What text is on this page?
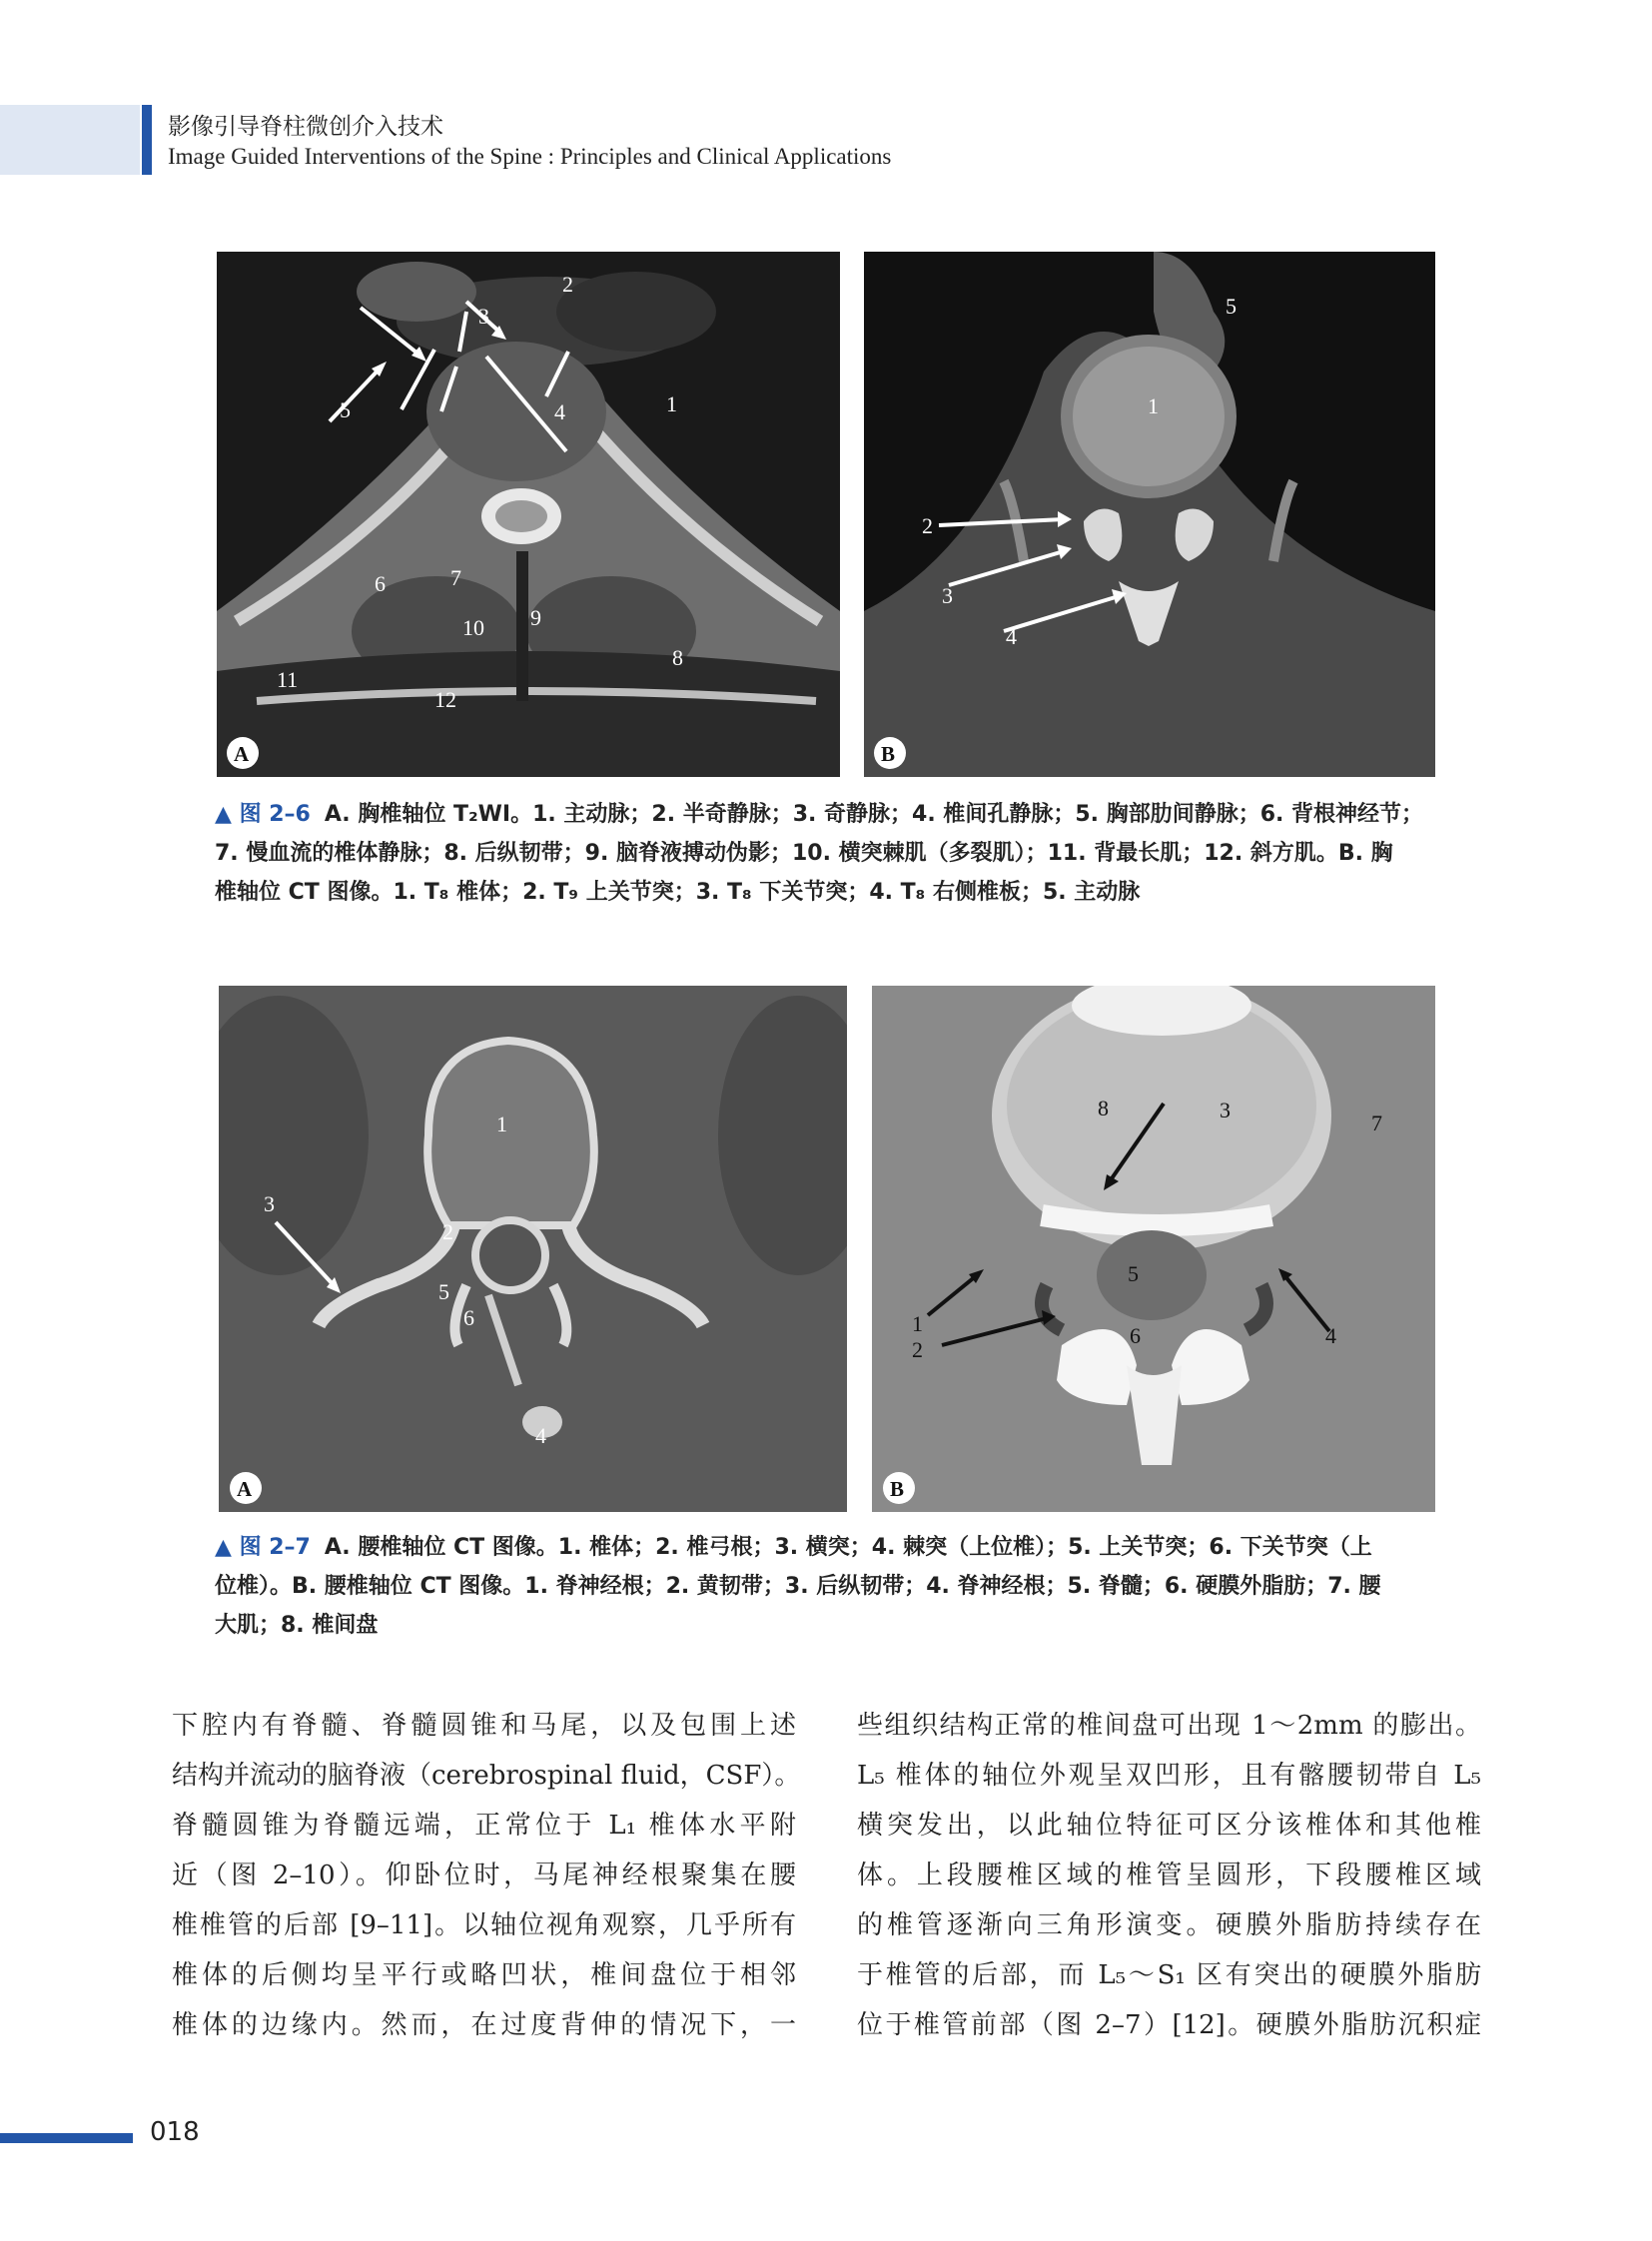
影像引导脊柱微创介入技术
Image Guided Interventions of the Spine : Principles and Clinical Applications
1
2
3
4
5
6	7
8
9
10
11
12
A
1
2
3
4
5
B
▲ 图 2–6 A. 胸椎轴位 T₂WI。1. 主动脉；2. 半奇静脉；3. 奇静脉；4. 椎间孔静脉；5. 胸部肋间静脉；6. 背根神经节；
7. 慢血流的椎体静脉；8. 后纵韧带；9. 脑脊液搏动伪影；10. 横突棘肌（多裂肌）；11. 背最长肌；12. 斜方肌。B. 胸
椎轴位 CT 图像。1. T₈ 椎体；2. T₉ 上关节突；3. T₈ 下关节突；4. T₈ 右侧椎板；5. 主动脉
1
2
3
4
5
6
A
1
2
3
4
5
6
7
8
B
▲ 图 2–7 A. 腰椎轴位 CT 图像。1. 椎体；2. 椎弓根；3. 横突；4. 棘突（上位椎）；5. 上关节突；6. 下关节突（上
位椎）。B. 腰椎轴位 CT 图像。1. 脊神经根；2. 黄韧带；3. 后纵韧带；4. 脊神经根；5. 脊髓；6. 硬膜外脂肪；7. 腰
大肌；8. 椎间盘
下腔内有脊髓、脊髓圆锥和马尾，以及包围上述
结构并流动的脑脊液（cerebrospinal fluid，CSF）。
脊髓圆锥为脊髓远端，正常位于 L₁ 椎体水平附
近（图 2–10）。仰卧位时，马尾神经根聚集在腰
椎椎管的后部 [9–11]。以轴位视角观察，几乎所有
椎体的后侧均呈平行或略凹状，椎间盘位于相邻
椎体的边缘内。然而，在过度背伸的情况下，一
些组织结构正常的椎间盘可出现 1～2mm 的膨出。
L₅ 椎体的轴位外观呈双凹形，且有髂腰韧带自 L₅
横突发出，以此轴位特征可区分该椎体和其他椎
体。上段腰椎区域的椎管呈圆形，下段腰椎区域
的椎管逐渐向三角形演变。硬膜外脂肪持续存在
于椎管的后部，而 L₅～S₁ 区有突出的硬膜外脂肪
位于椎管前部（图 2–7）[12]。硬膜外脂肪沉积症
018
